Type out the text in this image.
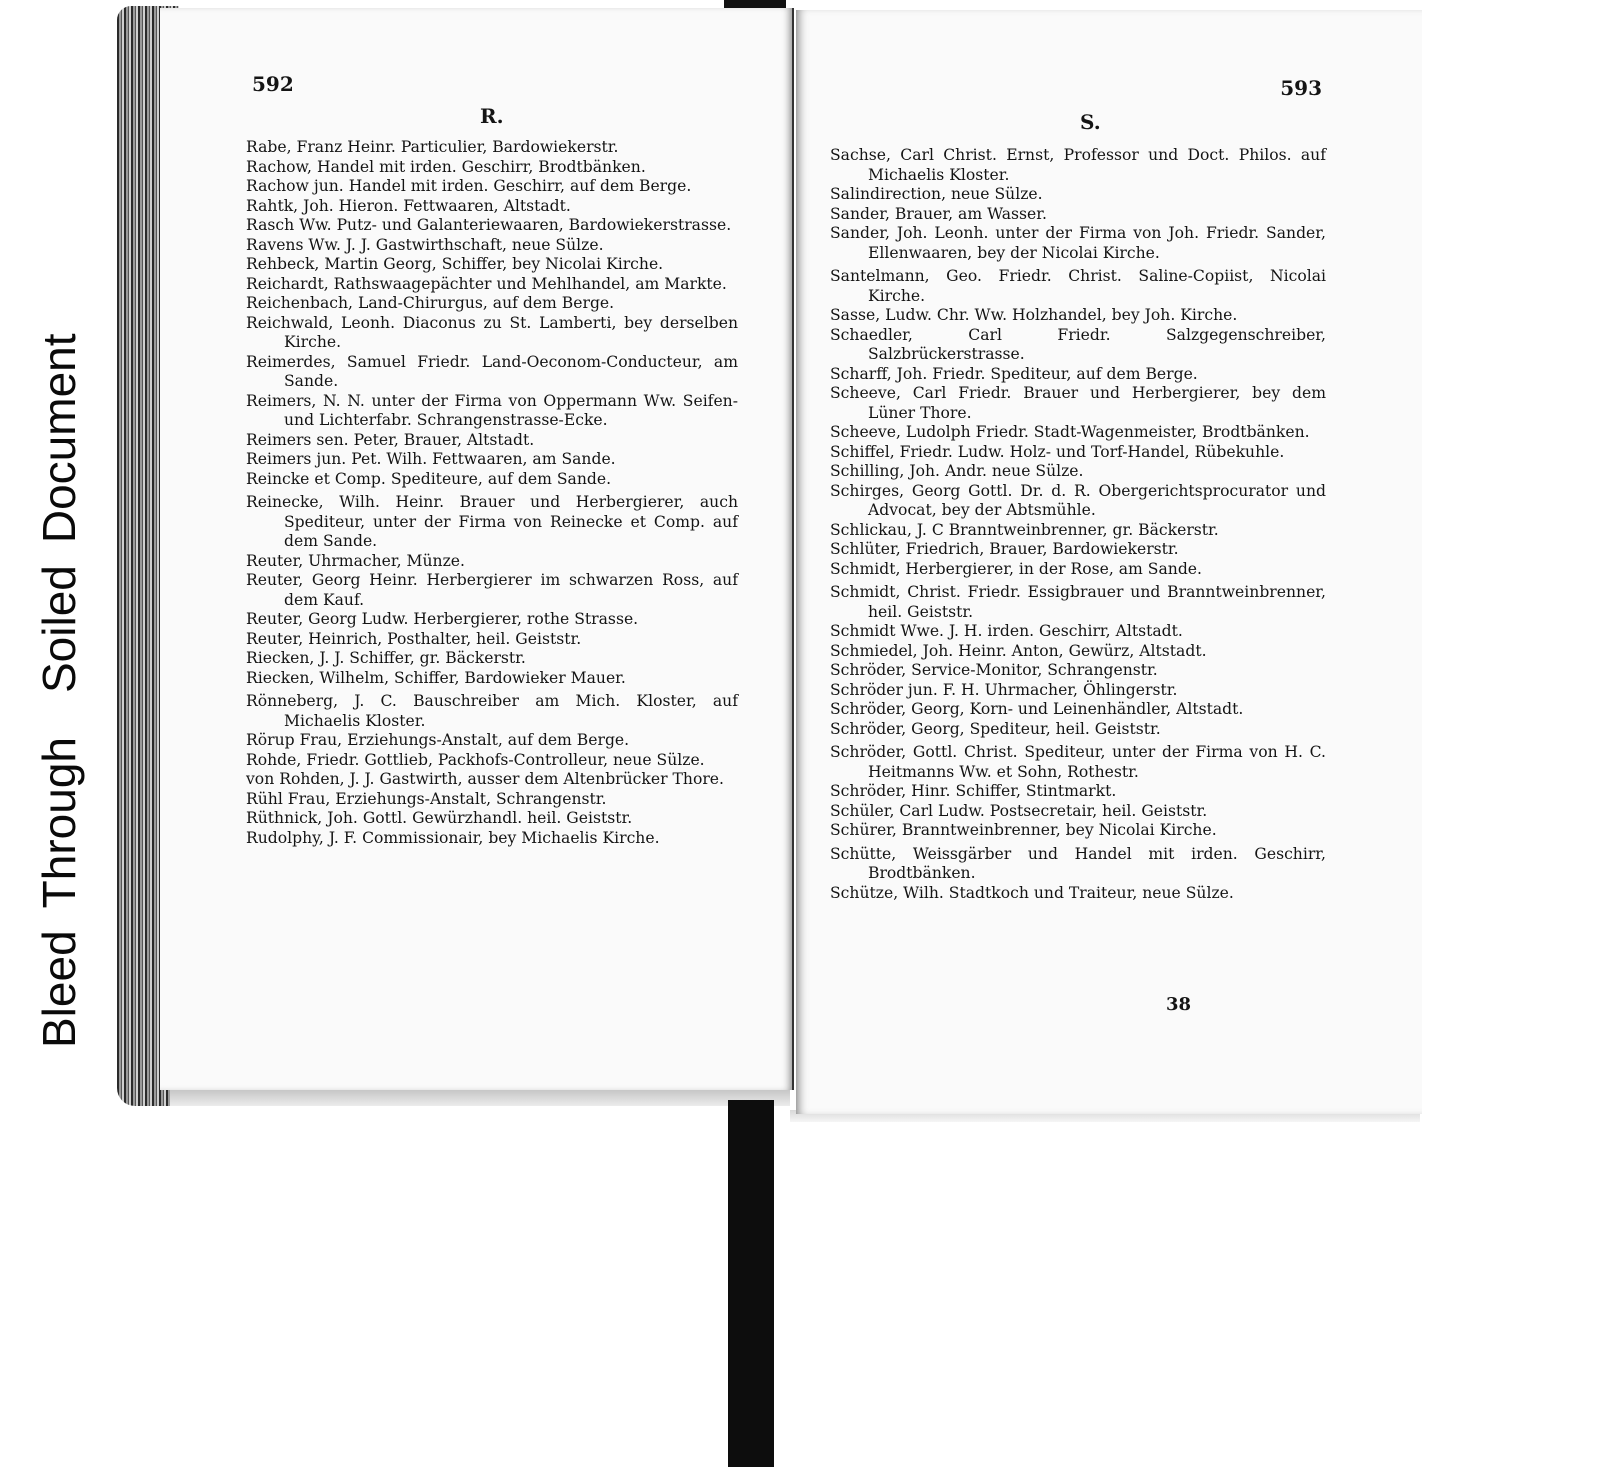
BleedThroughSoiledDocument
592
R.

Rabe, Franz Heinr. Particulier, Bardowiekerstr.

Rachow, Handel mit irden. Geschirr, Brodtbänken.

Rachow jun. Handel mit irden. Geschirr, auf dem Berge.

Rahtk, Joh. Hieron. Fettwaaren, Altstadt.

Rasch Ww. Putz- und Galanteriewaaren, Bardowiekerstrasse.

Ravens Ww. J. J. Gastwirthschaft, neue Sülze.

Rehbeck, Martin Georg, Schiffer, bey Nicolai Kirche.

Reichardt, Rathswaagepächter und Mehlhandel, am Markte.

Reichenbach, Land-Chirurgus, auf dem Berge.

Reichwald, Leonh. Diaconus zu St. Lamberti, bey derselben Kirche.

Reimerdes, Samuel Friedr. Land-Oeconom-Conducteur, am Sande.

Reimers, N. N. unter der Firma von Oppermann Ww. Seifen- und Lichterfabr. Schrangenstrasse-Ecke.

Reimers sen. Peter, Brauer, Altstadt.

Reimers jun. Pet. Wilh. Fettwaaren, am Sande.

Reincke et Comp. Spediteure, auf dem Sande.

Reinecke, Wilh. Heinr. Brauer und Herbergierer, auch Spediteur, unter der Firma von Reinecke et Comp. auf dem Sande.

Reuter, Uhrmacher, Münze.

Reuter, Georg Heinr. Herbergierer im schwarzen Ross, auf dem Kauf.

Reuter, Georg Ludw. Herbergierer, rothe Strasse.

Reuter, Heinrich, Posthalter, heil. Geiststr.

Riecken, J. J. Schiffer, gr. Bäckerstr.

Riecken, Wilhelm, Schiffer, Bardowieker Mauer.

Rönneberg, J. C. Bauschreiber am Mich. Kloster, auf Michaelis Kloster.

Rörup Frau, Erziehungs-Anstalt, auf dem Berge.

Rohde, Friedr. Gottlieb, Packhofs-Controlleur, neue Sülze.

von Rohden, J. J. Gastwirth, ausser dem Altenbrücker Thore.

Rühl Frau, Erziehungs-Anstalt, Schrangenstr.

Rüthnick, Joh. Gottl. Gewürzhandl. heil. Geiststr.

Rudolphy, J. F. Commissionair, bey Michaelis Kirche.

593
S.

Sachse, Carl Christ. Ernst, Professor und Doct. Philos. auf Michaelis Kloster.

Salindirection, neue Sülze.

Sander, Brauer, am Wasser.

Sander, Joh. Leonh. unter der Firma von Joh. Friedr. Sander, Ellenwaaren, bey der Nicolai Kirche.

Santelmann, Geo. Friedr. Christ. Saline-Copiist, Nicolai Kirche.

Sasse, Ludw. Chr. Ww. Holzhandel, bey Joh. Kirche.

Schaedler, Carl Friedr. Salzgegenschreiber, Salzbrückerstrasse.

Scharff, Joh. Friedr. Spediteur, auf dem Berge.

Scheeve, Carl Friedr. Brauer und Herbergierer, bey dem Lüner Thore.

Scheeve, Ludolph Friedr. Stadt-Wagenmeister, Brodtbänken.

Schiffel, Friedr. Ludw. Holz- und Torf-Handel, Rübekuhle.

Schilling, Joh. Andr. neue Sülze.

Schirges, Georg Gottl. Dr. d. R. Obergerichtsprocurator und Advocat, bey der Abtsmühle.

Schlickau, J. C Branntweinbrenner, gr. Bäckerstr.

Schlüter, Friedrich, Brauer, Bardowiekerstr.

Schmidt, Herbergierer, in der Rose, am Sande.

Schmidt, Christ. Friedr. Essigbrauer und Branntweinbrenner, heil. Geiststr.

Schmidt Wwe. J. H. irden. Geschirr, Altstadt.

Schmiedel, Joh. Heinr. Anton, Gewürz, Altstadt.

Schröder, Service-Monitor, Schrangenstr.

Schröder jun. F. H. Uhrmacher, Öhlingerstr.

Schröder, Georg, Korn- und Leinenhändler, Altstadt.

Schröder, Georg, Spediteur, heil. Geiststr.

Schröder, Gottl. Christ. Spediteur, unter der Firma von H. C. Heitmanns Ww. et Sohn, Rothestr.

Schröder, Hinr. Schiffer, Stintmarkt.

Schüler, Carl Ludw. Postsecretair, heil. Geiststr.

Schürer, Branntweinbrenner, bey Nicolai Kirche.

Schütte, Weissgärber und Handel mit irden. Geschirr, Brodtbänken.

Schütze, Wilh. Stadtkoch und Traiteur, neue Sülze.

38
